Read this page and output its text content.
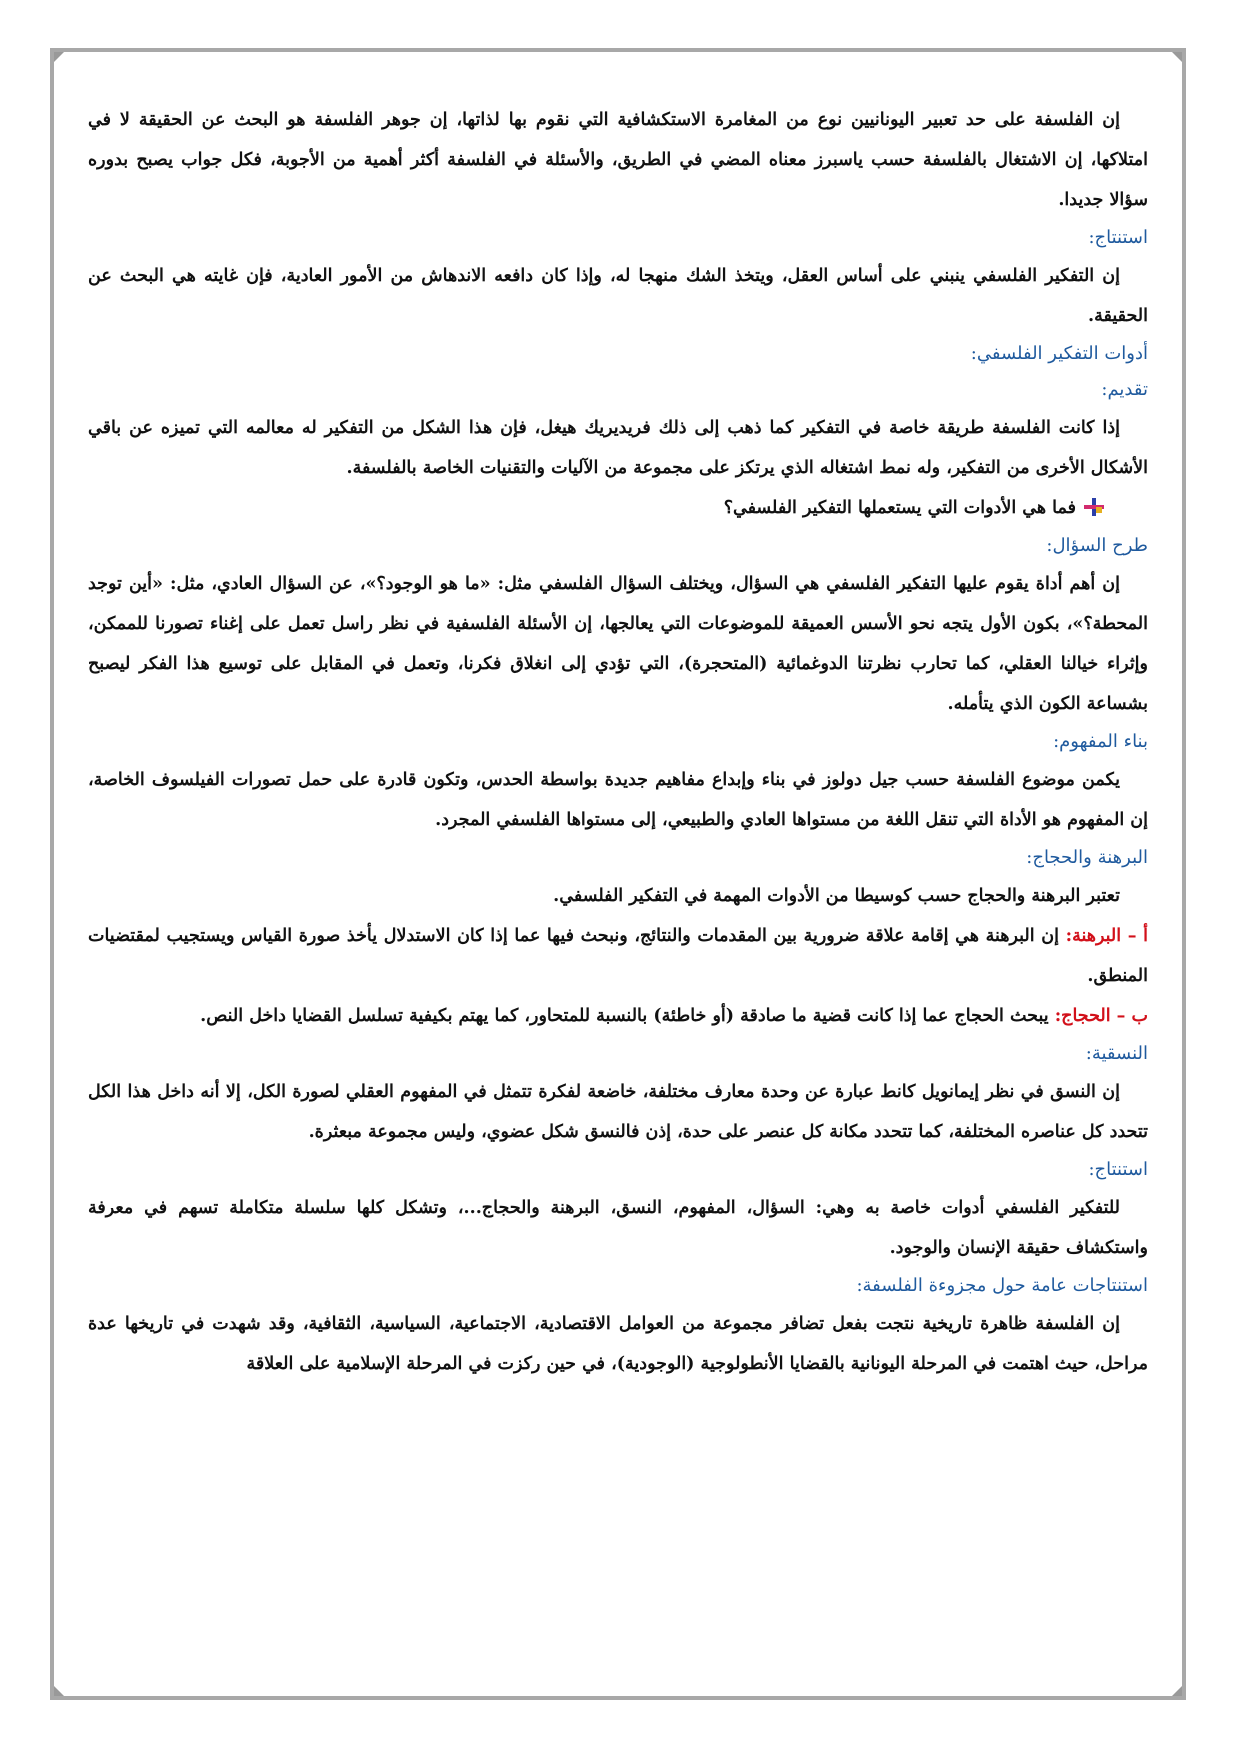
إن الفلسفة على حد تعبير اليونانيين نوع من المغامرة الاستكشافية التي نقوم بها لذاتها، إن جوهر الفلسفة هو البحث عن الحقيقة لا في امتلاكها، إن الاشتغال بالفلسفة حسب ياسبرز معناه المضي في الطريق، والأسئلة في الفلسفة أكثر أهمية من الأجوبة، فكل جواب يصبح بدوره سؤالا جديدا.

استنتاج:

إن التفكير الفلسفي ينبني على أساس العقل، ويتخذ الشك منهجا له، وإذا كان دافعه الاندهاش من الأمور العادية، فإن غايته هي البحث عن الحقيقة.

أدوات التفكير الفلسفي:
تقديم:

إذا كانت الفلسفة طريقة خاصة في التفكير كما ذهب إلى ذلك فريديريك هيغل، فإن هذا الشكل من التفكير له معالمه التي تميزه عن باقي الأشكال الأخرى من التفكير، وله نمط اشتغاله الذي يرتكز على مجموعة من الآليات والتقنيات الخاصة بالفلسفة.

فما هي الأدوات التي يستعملها التفكير الفلسفي؟

طرح السؤال:

إن أهم أداة يقوم عليها التفكير الفلسفي هي السؤال، ويختلف السؤال الفلسفي مثل: «ما هو الوجود؟»، عن السؤال العادي، مثل: «أين توجد المحطة؟»، بكون الأول يتجه نحو الأسس العميقة للموضوعات التي يعالجها، إن الأسئلة الفلسفية في نظر راسل تعمل على إغناء تصورنا للممكن، وإثراء خيالنا العقلي، كما تحارب نظرتنا الدوغمائية (المتحجرة)، التي تؤدي إلى انغلاق فكرنا، وتعمل في المقابل على توسيع هذا الفكر ليصبح بشساعة الكون الذي يتأمله.

بناء المفهوم:

يكمن موضوع الفلسفة حسب جيل دولوز في بناء وإبداع مفاهيم جديدة بواسطة الحدس، وتكون قادرة على حمل تصورات الفيلسوف الخاصة، إن المفهوم هو الأداة التي تنقل اللغة من مستواها العادي والطبيعي، إلى مستواها الفلسفي المجرد.

البرهنة والحجاج:

تعتبر البرهنة والحجاج حسب كوسيطا من الأدوات المهمة في التفكير الفلسفي.

أ – البرهنة: إن البرهنة هي إقامة علاقة ضرورية بين المقدمات والنتائج، ونبحث فيها عما إذا كان الاستدلال يأخذ صورة القياس ويستجيب لمقتضيات المنطق.

ب – الحجاج: يبحث الحجاج عما إذا كانت قضية ما صادقة (أو خاطئة) بالنسبة للمتحاور، كما يهتم بكيفية تسلسل القضايا داخل النص.

النسقية:

إن النسق في نظر إيمانويل كانط عبارة عن وحدة معارف مختلفة، خاضعة لفكرة تتمثل في المفهوم العقلي لصورة الكل، إلا أنه داخل هذا الكل تتحدد كل عناصره المختلفة، كما تتحدد مكانة كل عنصر على حدة، إذن فالنسق شكل عضوي، وليس مجموعة مبعثرة.

استنتاج:

للتفكير الفلسفي أدوات خاصة به وهي: السؤال، المفهوم، النسق، البرهنة والحجاج...، وتشكل كلها سلسلة متكاملة تسهم في معرفة واستكشاف حقيقة الإنسان والوجود.

استنتاجات عامة حول مجزوءة الفلسفة:

إن الفلسفة ظاهرة تاريخية نتجت بفعل تضافر مجموعة من العوامل الاقتصادية، الاجتماعية، السياسية، الثقافية، وقد شهدت في تاريخها عدة مراحل، حيث اهتمت في المرحلة اليونانية بالقضايا الأنطولوجية (الوجودية)، في حين ركزت في المرحلة الإسلامية على العلاقة
